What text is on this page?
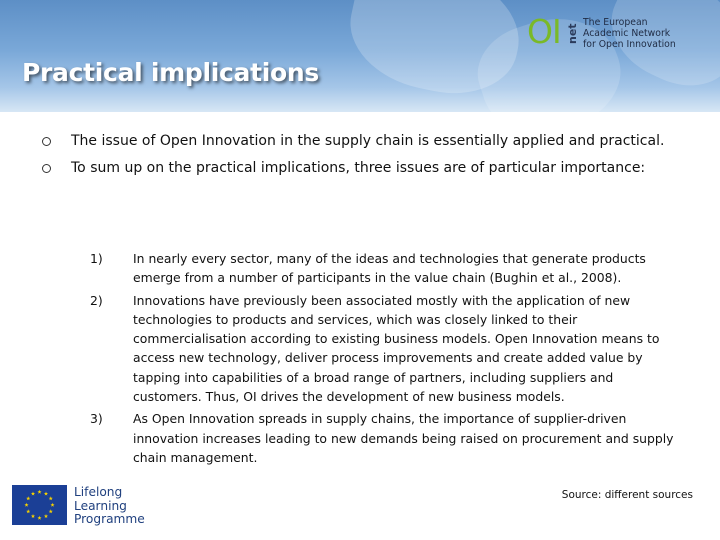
OI net
The European
Academic Network
for Open Innovation
Practical implications
The issue of Open Innovation in the supply chain is essentially applied and practical.
To sum up on the practical implications, three issues are of particular importance:
1) In nearly every sector, many of the ideas and technologies that generate products emerge from a number of participants in the value chain (Bughin et al., 2008).
2) Innovations have previously been associated mostly with the application of new technologies to products and services, which was closely linked to their commercialisation according to existing business models. Open Innovation means to access new technology, deliver process improvements and create added value by tapping into capabilities of a broad range of partners, including suppliers and customers. Thus, OI drives the development of new business models.
3) As Open Innovation spreads in supply chains, the importance of supplier-driven innovation increases leading to new demands being raised on procurement and supply chain management.
Source: different sources
Lifelong
Learning
Programme
